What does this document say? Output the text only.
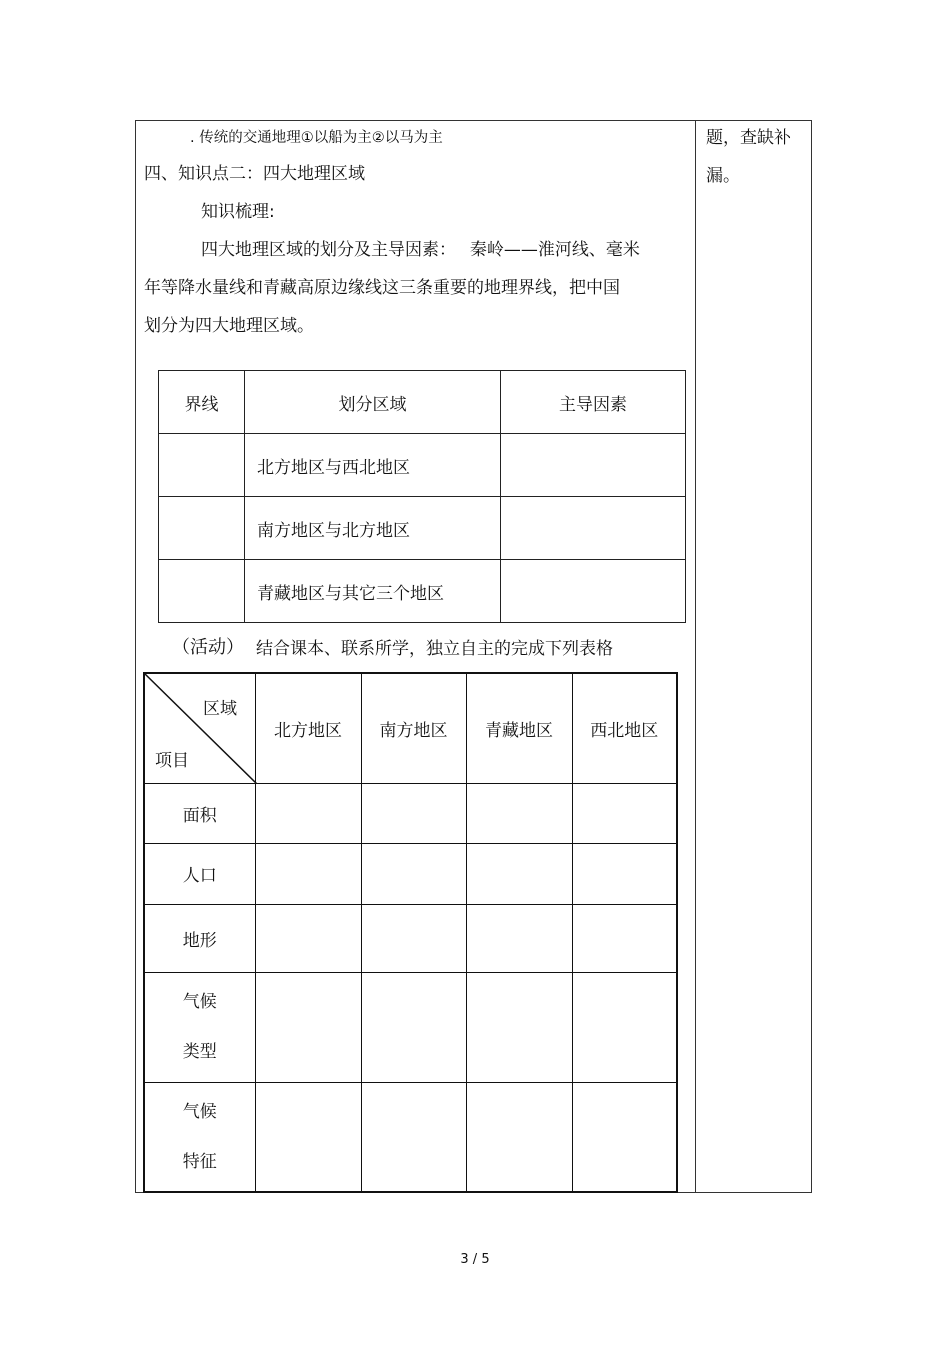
. 传统的交通地理①以船为主②以马为主
四、知识点二：四大地理区域
知识梳理:
四大地理区域的划分及主导因素：　 秦岭——淮河线、毫米
年等降水量线和青藏高原边缘线这三条重要的地理界线，把中国
划分为四大地理区域。
题，查缺补
漏。
界线	划分区域	主导因素
	北方地区与西北地区	
	南方地区与北方地区	
	青藏地区与其它三个地区	
（活动） 结合课本、联系所学，独立自主的完成下列表格
区域
项目	北方地区	南方地区	青藏地区	西北地区
面积				
人口				
地形				

气候
类型				

气候
特征				

3 / 5
